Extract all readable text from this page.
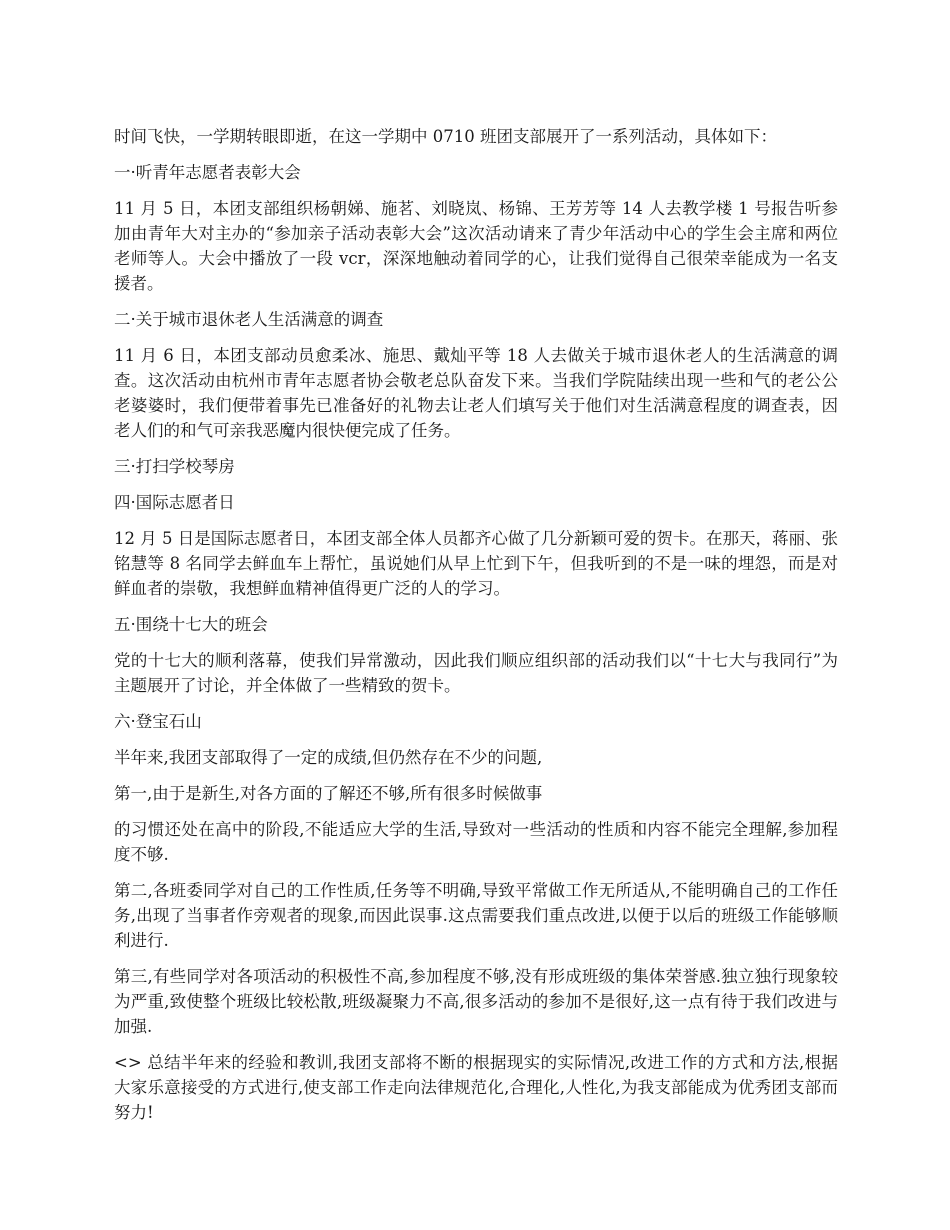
时间飞快，一学期转眼即逝，在这一学期中 0710 班团支部展开了一系列活动，具体如下：

一·听青年志愿者表彰大会

11 月 5 日，本团支部组织杨朝娣、施茗、刘晓岚、杨锦、王芳芳等 14 人去教学楼 1 号报告听参加由青年大对主办的“参加亲子活动表彰大会”这次活动请来了青少年活动中心的学生会主席和两位老师等人。大会中播放了一段 vcr，深深地触动着同学的心，让我们觉得自己很荣幸能成为一名支援者。

二·关于城市退休老人生活满意的调查

11 月 6 日，本团支部动员愈柔冰、施思、戴灿平等 18 人去做关于城市退休老人的生活满意的调查。这次活动由杭州市青年志愿者协会敬老总队奋发下来。当我们学院陆续出现一些和气的老公公老婆婆时，我们便带着事先已准备好的礼物去让老人们填写关于他们对生活满意程度的调查表，因老人们的和气可亲我恶魔内很快便完成了任务。

三·打扫学校琴房

四·国际志愿者日

12 月 5 日是国际志愿者日，本团支部全体人员都齐心做了几分新颖可爱的贺卡。在那天，蒋丽、张铭慧等 8 名同学去鲜血车上帮忙，虽说她们从早上忙到下午，但我听到的不是一味的埋怨，而是对鲜血者的崇敬，我想鲜血精神值得更广泛的人的学习。

五·围绕十七大的班会

党的十七大的顺利落幕，使我们异常激动，因此我们顺应组织部的活动我们以“十七大与我同行”为主题展开了讨论，并全体做了一些精致的贺卡。

六·登宝石山

半年来,我团支部取得了一定的成绩,但仍然存在不少的问题,

第一,由于是新生,对各方面的了解还不够,所有很多时候做事

的习惯还处在高中的阶段,不能适应大学的生活,导致对一些活动的性质和内容不能完全理解,参加程度不够.

第二,各班委同学对自己的工作性质,任务等不明确,导致平常做工作无所适从,不能明确自己的工作任务,出现了当事者作旁观者的现象,而因此误事.这点需要我们重点改进,以便于以后的班级工作能够顺利进行.

第三,有些同学对各项活动的积极性不高,参加程度不够,没有形成班级的集体荣誉感.独立独行现象较为严重,致使整个班级比较松散,班级凝聚力不高,很多活动的参加不是很好,这一点有待于我们改进与加强.

<> 总结半年来的经验和教训,我团支部将不断的根据现实的实际情况,改进工作的方式和方法,根据大家乐意接受的方式进行,使支部工作走向法律规范化,合理化,人性化,为我支部能成为优秀团支部而努力!
